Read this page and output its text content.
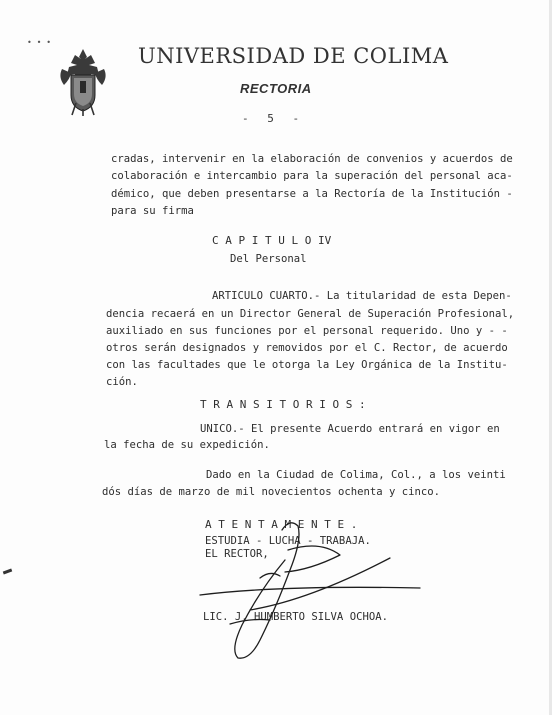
• • •
UNIVERSIDAD DE COLIMA
RECTORIA
- 5 -
cradas, intervenir en la elaboración de convenios y acuerdos de
colaboración e intercambio para la superación del personal aca-
démico, que deben presentarse a la Rectoría de la Institución -
para su firma
C A P I T U L O IV
Del Personal
ARTICULO CUARTO.- La titularidad de esta Depen-
dencia recaerá en un Director General de Superación Profesional,
auxiliado en sus funciones por el personal requerido. Uno y - -
otros serán designados y removidos por el C. Rector, de acuerdo
con las facultades que le otorga la Ley Orgánica de la Institu-
ción.
T R A N S I T O R I O S :
UNICO.- El presente Acuerdo entrará en vigor en
la fecha de su expedición.
Dado en la Ciudad de Colima, Col., a los veinti
dós días de marzo de mil novecientos ochenta y cinco.
A T E N T A M E N T E .
ESTUDIA - LUCHA - TRABAJA.
EL RECTOR,
LIC. J. HUMBERTO SILVA OCHOA.
